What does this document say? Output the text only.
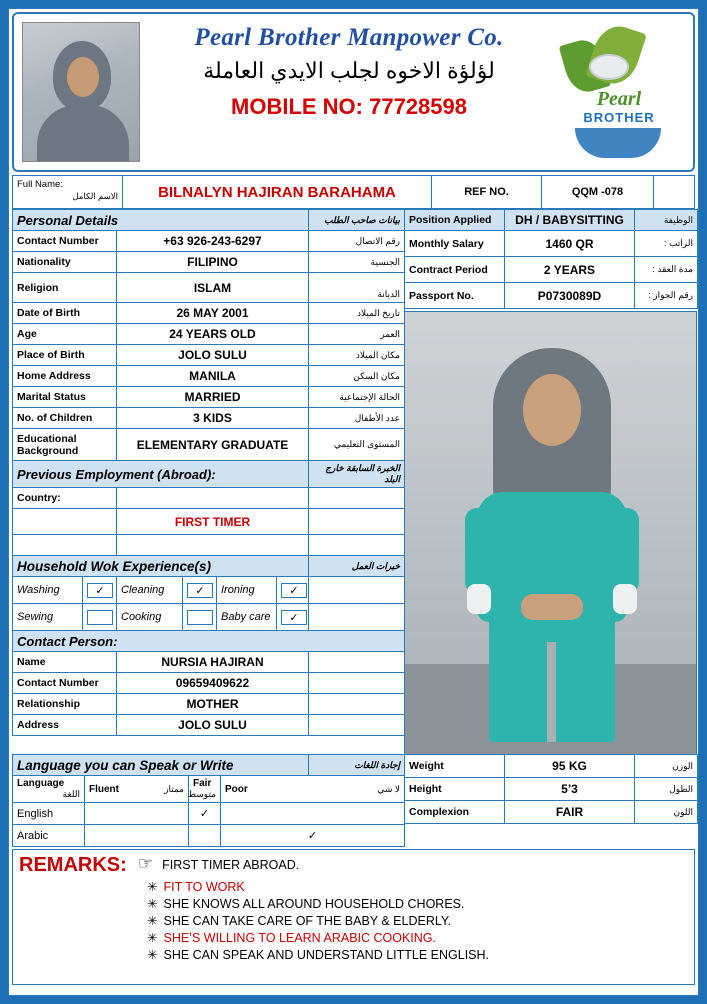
Pearl Brother Manpower Co.
لؤلؤة الاخوه لجلب الايدي العاملة
MOBILE NO: 77728598	Pearl
BROTHER
Full Name:
الاسم الكامل	BILNALYN HAJIRAN BARAHAMA	REF NO.	QQM -078
Personal Details		بيانات صاحب الطلب
Contact Number	+63 926-243-6297	رقم الاتصال
Nationality	FILIPINO	الجنسية
Religion	ISLAM	الديانة
Date of Birth	26 MAY 2001	تاريخ الميلاد
Age	24 YEARS OLD	العمر
Place of Birth	JOLO SULU	مكان الميلاد
Home Address	MANILA	مكان السكن
Marital Status	MARRIED	الحالة الإجتماعية
No. of Children	3 KIDS	عدد الأطفال
Educational Background	ELEMENTARY GRADUATE	المستوى التعليمي
Previous Employment (Abroad):		الخبرة السابقة خارج البلد
Country:		
	FIRST TIMER	

Household Wok Experience(s)						خبرات العمل
Washing	✓	Cleaning	✓	Ironing	✓	

Sewing		Cooking		Baby care	✓	

Contact Person:		
Name	NURSIA HAJIRAN	
Contact Number	09659409622	
Relationship	MOTHER	
Address	JOLO SULU	
Position Applied	DH / BABYSITTING	الوظيفة
Monthly Salary	1460 QR	الراتب :
Contract Period	2 YEARS	مدة العقد :
Passport No.	P0730089D	رقم الجواز :
Language you can Speak or Write				إجادة اللغات
Language
اللغة	Fluent ممتاز	Fair
متوسط	Poor لا شي	

English		✓		
Arabic			✓	
Weight	95 KG	الوزن
Height	5’3	الطول
Complexion	FAIR	اللون
REMARKS: ☞ FIRST TIMER ABROAD.
✳ FIT TO WORK
✳ SHE KNOWS ALL AROUND HOUSEHOLD CHORES.
✳ SHE CAN TAKE CARE OF THE BABY & ELDERLY.
✳ SHE’S WILLING TO LEARN ARABIC COOKING.
✳ SHE CAN SPEAK AND UNDERSTAND LITTLE ENGLISH.
